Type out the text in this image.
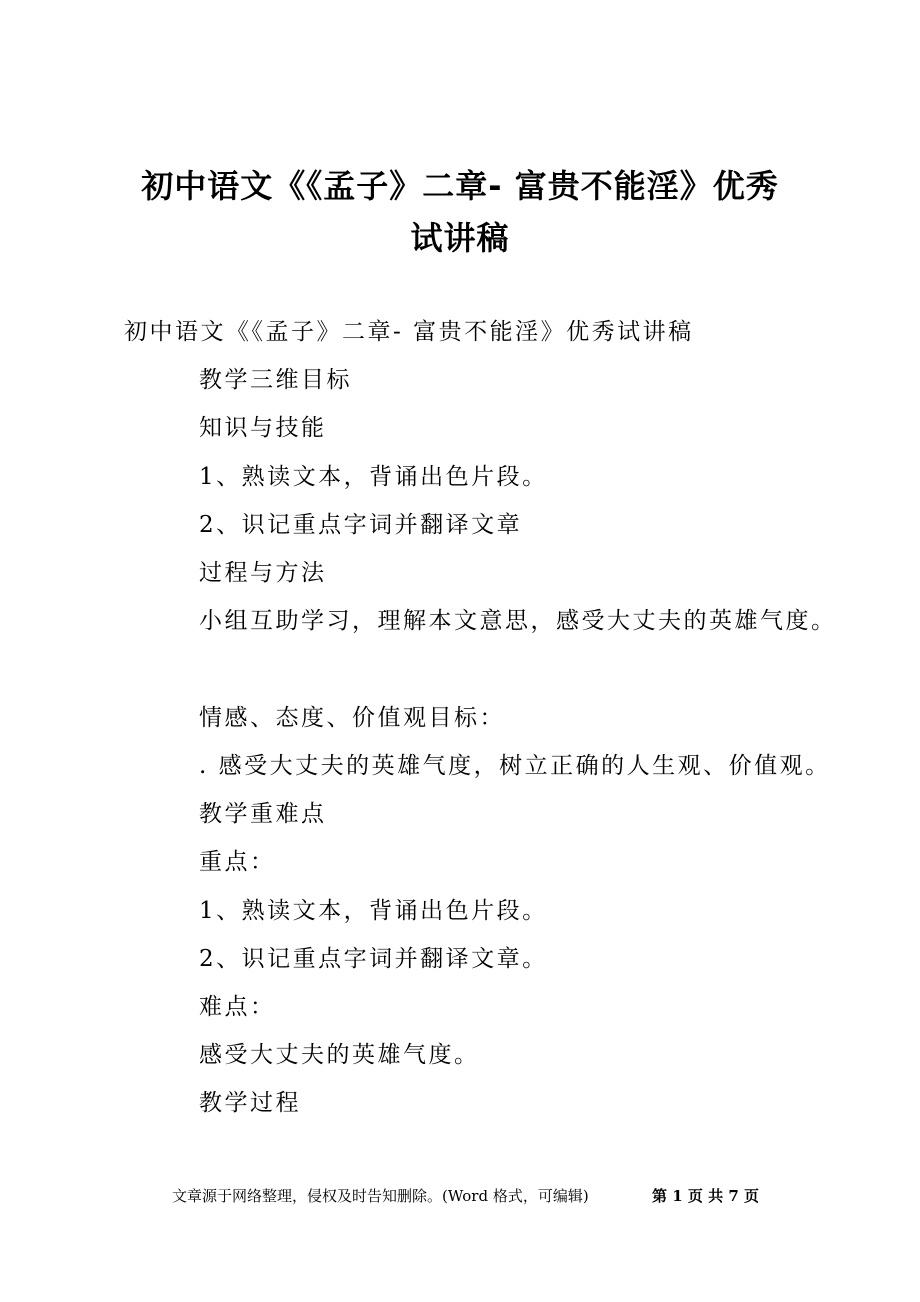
初中语文《《孟子》二章- 富贵不能淫》优秀
试讲稿
初中语文《《孟子》二章- 富贵不能淫》优秀试讲稿
教学三维目标
知识与技能
1、熟读文本，背诵出色片段。
2、识记重点字词并翻译文章
过程与方法
小组互助学习，理解本文意思，感受大丈夫的英雄气度。
情感、态度、价值观目标：
. 感受大丈夫的英雄气度，树立正确的人生观、价值观。
教学重难点
重点：
1、熟读文本，背诵出色片段。
2、识记重点字词并翻译文章。
难点：
感受大丈夫的英雄气度。
教学过程
文章源于网络整理，侵权及时告知删除。(Word 格式，可编辑)	第 1 页 共 7 页
